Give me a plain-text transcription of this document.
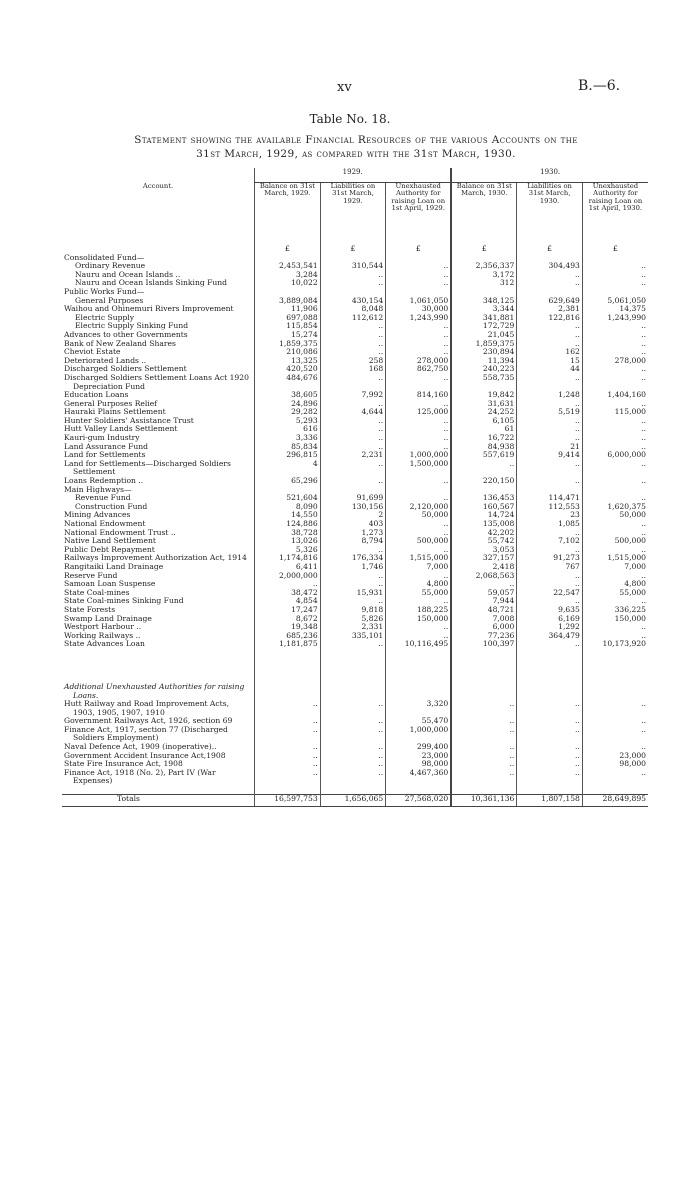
xv	B.—6.
Table No. 18.
Statement showing the available Financial Resources of the various Accounts on the
31st March, 1929, as compared with the 31st March, 1930.
	1929.			1930.		
Account.	Balance on 31st March, 1929.	Liabilities on 31st March, 1929.	Unexhausted Authority for raising Loan on 1st April, 1929.	Balance on 31st March, 1930.	Liabilities on 31st March, 1930.	Unexhausted Authority for raising Loan on 1st April, 1930.
	£	£	£	£	£	£
Consolidated Fund—						
Ordinary Revenue	2,453,541	310,544	..	2,356,337	304,493	..
Nauru and Ocean Islands ..	3,284	..	..	3,172	..	..
Nauru and Ocean Islands Sinking Fund	10,022	..	..	312	..	..
Public Works Fund—						
General Purposes	3,889,084	430,154	1,061,050	348,125	629,649	5,061,050
Waihou and Ohinemuri Rivers Improvement	11,906	8,048	30,000	3,344	2,381	14,375
Electric Supply	697,088	112,612	1,243,990	341,881	122,816	1,243,990
Electric Supply Sinking Fund	115,854	..	..	172,729	..	..
Advances to other Governments	15,274	..	..	21,045	..	..
Bank of New Zealand Shares	1,859,375	..	..	1,859,375	..	..
Cheviot Estate	210,086	..	..	230,894	162	..
Deteriorated Lands ..	13,325	258	278,000	11,394	15	278,000
Discharged Soldiers Settlement	420,520	168	862,750	240,223	44	..
Discharged Soldiers Settlement Loans Act 1920 Depreciation Fund	484,676	..	..	558,735	..	..
Education Loans	38,605	7,992	814,160	19,842	1,248	1,404,160
General Purposes Relief	24,896	..	..	31,631	..	..
Hauraki Plains Settlement	29,282	4,644	125,000	24,252	5,519	115,000
Hunter Soldiers' Assistance Trust	5,293	..	..	6,105	..	..
Hutt Valley Lands Settlement	616	..	..	61	..	..
Kauri-gum Industry	3,336	..	..	16,722	..	..
Land Assurance Fund	85,834	..	..	84,938	21	..
Land for Settlements	296,815	2,231	1,000,000	557,619	9,414	6,000,000
Land for Settlements—Discharged Soldiers Settlement	4	..	1,500,000	..	..	..
Loans Redemption ..	65,296	..	..	220,150	..	..
Main Highways—						
Revenue Fund	521,604	91,699	..	136,453	114,471	..
Construction Fund	8,090	130,156	2,120,000	160,567	112,553	1,620,375
Mining Advances	14,550	2	50,000	14,724	23	50,000
National Endowment	124,886	403	..	135,008	1,085	..
National Endowment Trust ..	38,728	1,273	..	42,202	..	..
Native Land Settlement	13,026	8,794	500,000	55,742	7,102	500,000
Public Debt Repayment	5,326	..	..	3,053	..	..
Railways Improvement Authorization Act, 1914	1,174,816	176,334	1,515,000	327,157	91,273	1,515,000
Rangitaiki Land Drainage	6,411	1,746	7,000	2,418	767	7,000
Reserve Fund	2,000,000	..	..	2,068,563	..	..
Samoan Loan Suspense	..	..	4,800	..	..	4,800
State Coal-mines	38,472	15,931	55,000	59,057	22,547	55,000
State Coal-mines Sinking Fund	4,854	..	..	7,944	..	..
State Forests	17,247	9,818	188,225	48,721	9,635	336,225
Swamp Land Drainage	8,672	5,826	150,000	7,008	6,169	150,000
Westport Harbour ..	19,348	2,331	..	6,000	1,292	..
Working Railways ..	685,236	335,101	..	77,236	364,479	..
State Advances Loan	1,181,875	..	10,116,495	100,397	..	10,173,920

Additional Unexhausted Authorities for raising Loans.						
Hutt Railway and Road Improvement Acts, 1903, 1905, 1907, 1910	..	..	3,320	..	..	..
Government Railways Act, 1926, section 69	..	..	55,470	..	..	..
Finance Act, 1917, section 77 (Discharged Soldiers Employment)	..	..	1,000,000	..	..	..
Naval Defence Act, 1909 (inoperative)..	..	..	299,400	..	..	..
Government Accident Insurance Act,1908	..	..	23,000	..	..	23,000
State Fire Insurance Act, 1908	..	..	98,000	..	..	98,000
Finance Act, 1918 (No. 2), Part IV (War Expenses)	..	..	4,467,360	..	..	..

Totals	16,597,753	1,656,065	27,568,020	10,361,136	1,807,158	28,649,895
